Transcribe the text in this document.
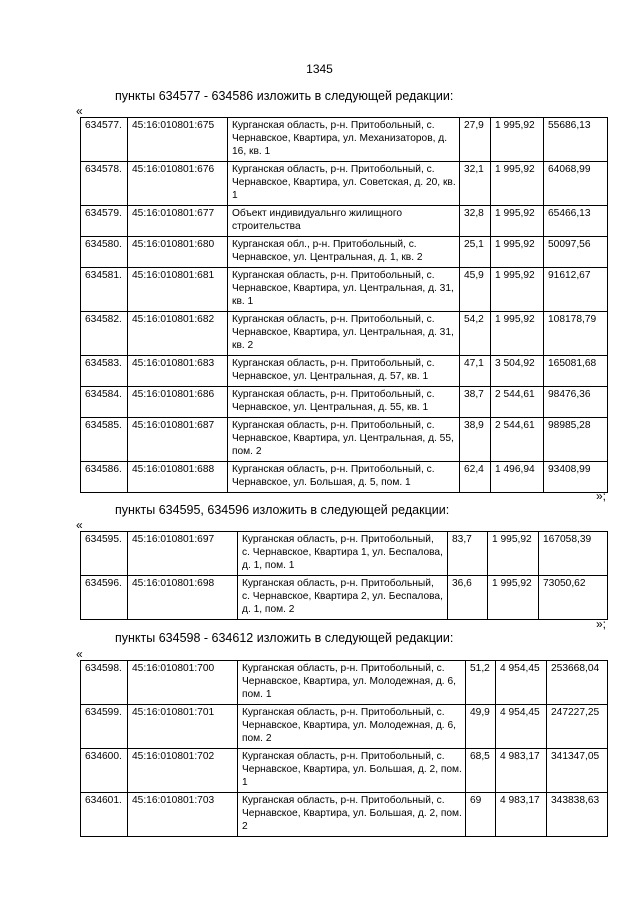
1345
пункты 634577 - 634586 изложить в следующей редакции:
«
634577.	45:16:010801:675	Курганская область, р-н. Притобольный, с. Чернавское, Квартира, ул. Механизаторов, д. 16, кв. 1	27,9	1 995,92	55686,13
634578.	45:16:010801:676	Курганская область, р-н. Притобольный, с. Чернавское, Квартира, ул. Советская, д. 20, кв. 1	32,1	1 995,92	64068,99
634579.	45:16:010801:677	Объект индивидуальнго жилищного строительства	32,8	1 995,92	65466,13
634580.	45:16:010801:680	Курганская обл., р-н. Притобольный, с. Чернавское, ул. Центральная, д. 1, кв. 2	25,1	1 995,92	50097,56
634581.	45:16:010801:681	Курганская область, р-н. Притобольный, с. Чернавское, Квартира, ул. Центральная, д. 31, кв. 1	45,9	1 995,92	91612,67
634582.	45:16:010801:682	Курганская область, р-н. Притобольный, с. Чернавское, Квартира, ул. Центральная, д. 31, кв. 2	54,2	1 995,92	108178,79
634583.	45:16:010801:683	Курганская область, р-н. Притобольный, с. Чернавское, ул. Центральная, д. 57, кв. 1	47,1	3 504,92	165081,68
634584.	45:16:010801:686	Курганская область, р-н. Притобольный, с. Чернавское, ул. Центральная, д. 55, кв. 1	38,7	2 544,61	98476,36
634585.	45:16:010801:687	Курганская область, р-н. Притобольный, с. Чернавское, Квартира, ул. Центральная, д. 55, пом. 2	38,9	2 544,61	98985,28
634586.	45:16:010801:688	Курганская область, р-н. Притобольный, с. Чернавское, ул. Большая, д. 5, пом. 1	62,4	1 496,94	93408,99
»;
пункты 634595, 634596 изложить в следующей редакции:
«
634595.	45:16:010801:697	Курганская область, р-н. Притобольный, с. Чернавское, Квартира 1, ул. Беспалова, д. 1, пом. 1	83,7	1 995,92	167058,39
634596.	45:16:010801:698	Курганская область, р-н. Притобольный, с. Чернавское, Квартира 2, ул. Беспалова, д. 1, пом. 2	36,6	1 995,92	73050,62
»;
пункты 634598 - 634612 изложить в следующей редакции:
«
634598.	45:16:010801:700	Курганская область, р-н. Притобольный, с. Чернавское, Квартира, ул. Молодежная, д. 6, пом. 1	51,2	4 954,45	253668,04
634599.	45:16:010801:701	Курганская область, р-н. Притобольный, с. Чернавское, Квартира, ул. Молодежная, д. 6, пом. 2	49,9	4 954,45	247227,25
634600.	45:16:010801:702	Курганская область, р-н. Притобольный, с. Чернавское, Квартира, ул. Большая, д. 2, пом. 1	68,5	4 983,17	341347,05
634601.	45:16:010801:703	Курганская область, р-н. Притобольный, с. Чернавское, Квартира, ул. Большая, д. 2, пом. 2	69	4 983,17	343838,63
